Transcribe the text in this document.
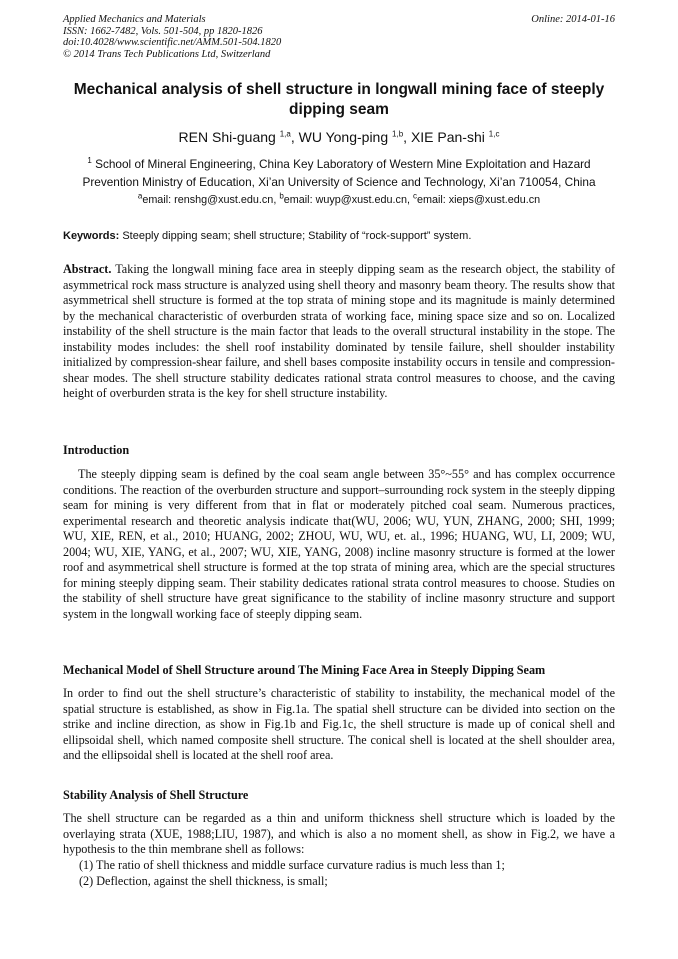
Applied Mechanics and Materials
ISSN: 1662-7482, Vols. 501-504, pp 1820-1826
doi:10.4028/www.scientific.net/AMM.501-504.1820
© 2014 Trans Tech Publications Ltd, Switzerland
Online: 2014-01-16
Mechanical analysis of shell structure in longwall mining face of steeply dipping seam
REN Shi-guang $^{1,a}$, WU Yong-ping $^{1,b}$, XIE Pan-shi $^{1,c}$
$^1$ School of Mineral Engineering, China Key Laboratory of Western Mine Exploitation and Hazard Prevention Ministry of Education, Xi’an University of Science and Technology, Xi’an 710054, China
$^a$email: renshg@xust.edu.cn, $^b$email: wuyp@xust.edu.cn, $^c$email: xieps@xust.edu.cn
Keywords: Steeply dipping seam; shell structure; Stability of “rock-support” system.
Abstract. Taking the longwall mining face area in steeply dipping seam as the research object, the stability of asymmetrical rock mass structure is analyzed using shell theory and masonry beam theory. The results show that asymmetrical shell structure is formed at the top strata of mining stope and its magnitude is mainly determined by the mechanical characteristic of overburden strata of working face, mining space size and so on. Localized instability of the shell structure is the main factor that leads to the overall structural instability in the stope. The instability modes includes: the shell roof instability dominated by tensile failure, shell shoulder instability initialized by compression-shear failure, and shell bases composite instability occurs in tensile and compression-shear modes. The shell structure stability dedicates rational strata control measures to choose, and the caving height of overburden strata is the key for shell structure instability.
Introduction
The steeply dipping seam is defined by the coal seam angle between 35°~55° and has complex occurrence conditions. The reaction of the overburden structure and support–surrounding rock system in the steeply dipping seam for mining is very different from that in flat or moderately pitched coal seam. Numerous practices, experimental research and theoretic analysis indicate that(WU, 2006; WU, YUN, ZHANG, 2000; SHI, 1999; WU, XIE, REN, et al., 2010; HUANG, 2002; ZHOU, WU, WU, et. al., 1996; HUANG, WU, LI, 2009; WU, 2004; WU, XIE, YANG, et al., 2007; WU, XIE, YANG, 2008) incline masonry structure is formed at the lower roof and asymmetrical shell structure is formed at the top strata of mining area, which are the special structures for mining steeply dipping seam. Their stability dedicates rational strata control measures to choose. Studies on the stability of shell structure have great significance to the stability of incline masonry structure and support system in the longwall working face of steeply dipping seam.
Mechanical Model of Shell Structure around The Mining Face Area in Steeply Dipping Seam
In order to find out the shell structure’s characteristic of stability to instability, the mechanical model of the spatial structure is established, as show in Fig.1a. The spatial shell structure can be divided into section on the strike and incline direction, as show in Fig.1b and Fig.1c, the shell structure is made up of conical shell and ellipsoidal shell, which named composite shell structure. The conical shell is located at the shell shoulder area, and the ellipsoidal shell is located at the shell roof area.
Stability Analysis of Shell Structure
The shell structure can be regarded as a thin and uniform thickness shell structure which is loaded by the overlaying strata (XUE, 1988;LIU, 1987), and which is also a no moment shell, as show in Fig.2, we have a hypothesis to the thin membrane shell as follows:
(1) The ratio of shell thickness and middle surface curvature radius is much less than 1;
(2) Deflection, against the shell thickness, is small;
